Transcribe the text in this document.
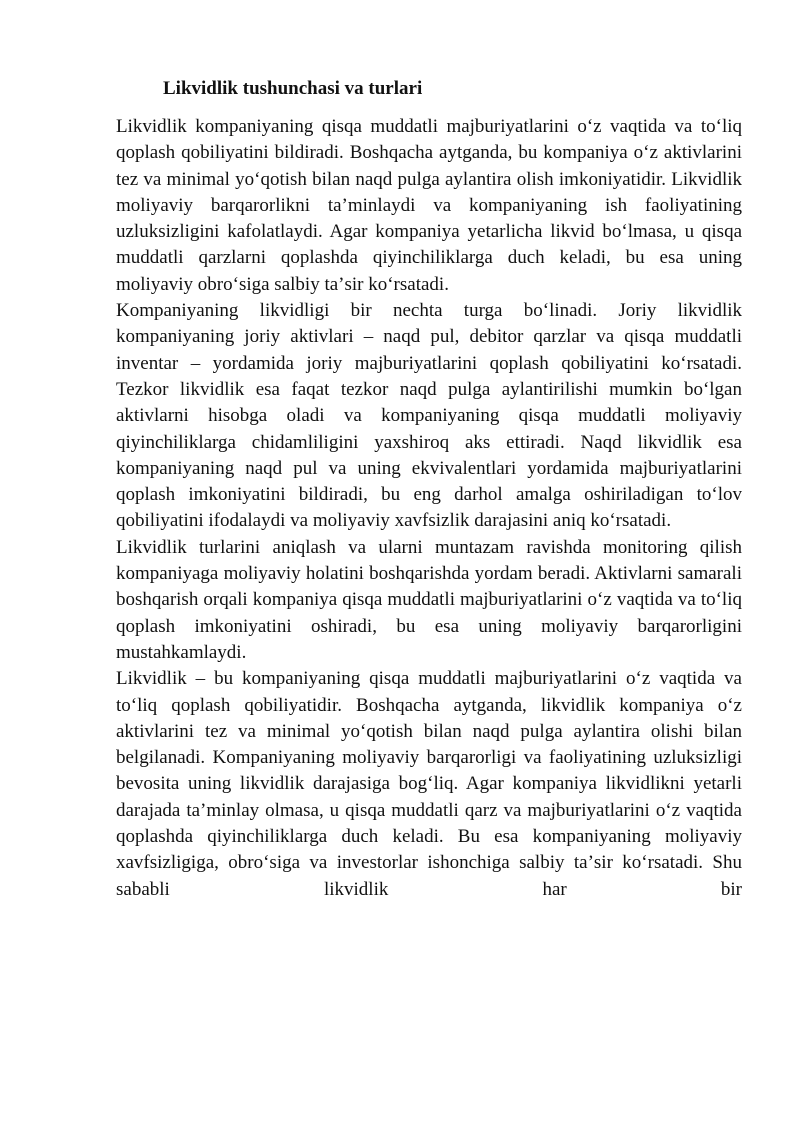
Likvidlik tushunchasi va turlari

Likvidlik kompaniyaning qisqa muddatli majburiyatlarini oʻz vaqtida va toʻliq qoplash qobiliyatini bildiradi. Boshqacha aytganda, bu kompaniya oʻz aktivlarini tez va minimal yoʻqotish bilan naqd pulga aylantira olish imkoniyatidir. Likvidlik moliyaviy barqarorlikni taʼminlaydi va kompaniyaning ish faoliyatining uzluksizligini kafolatlaydi. Agar kompaniya yetarlicha likvid boʻlmasa, u qisqa muddatli qarzlarni qoplashda qiyinchiliklarga duch keladi, bu esa uning moliyaviy obroʻsiga salbiy taʼsir koʻrsatadi.

Kompaniyaning likvidligi bir nechta turga boʻlinadi. Joriy likvidlik kompaniyaning joriy aktivlari – naqd pul, debitor qarzlar va qisqa muddatli inventar – yordamida joriy majburiyatlarini qoplash qobiliyatini koʻrsatadi. Tezkor likvidlik esa faqat tezkor naqd pulga aylantirilishi mumkin boʻlgan aktivlarni hisobga oladi va kompaniyaning qisqa muddatli moliyaviy qiyinchiliklarga chidamliligini yaxshiroq aks ettiradi. Naqd likvidlik esa kompaniyaning naqd pul va uning ekvivalentlari yordamida majburiyatlarini qoplash imkoniyatini bildiradi, bu eng darhol amalga oshiriladigan toʻlov qobiliyatini ifodalaydi va moliyaviy xavfsizlik darajasini aniq koʻrsatadi.

Likvidlik turlarini aniqlash va ularni muntazam ravishda monitoring qilish kompaniyaga moliyaviy holatini boshqarishda yordam beradi. Aktivlarni samarali boshqarish orqali kompaniya qisqa muddatli majburiyatlarini oʻz vaqtida va toʻliq qoplash imkoniyatini oshiradi, bu esa uning moliyaviy barqarorligini mustahkamlaydi.

Likvidlik – bu kompaniyaning qisqa muddatli majburiyatlarini oʻz vaqtida va toʻliq qoplash qobiliyatidir. Boshqacha aytganda, likvidlik kompaniya oʻz aktivlarini tez va minimal yoʻqotish bilan naqd pulga aylantira olishi bilan belgilanadi. Kompaniyaning moliyaviy barqarorligi va faoliyatining uzluksizligi bevosita uning likvidlik darajasiga bogʻliq. Agar kompaniya likvidlikni yetarli darajada taʼminlay olmasa, u qisqa muddatli qarz va majburiyatlarini oʻz vaqtida qoplashda qiyinchiliklarga duch keladi. Bu esa kompaniyaning moliyaviy xavfsizligiga, obroʻsiga va investorlar ishonchiga salbiy taʼsir koʻrsatadi. Shu sababli likvidlik har bir
